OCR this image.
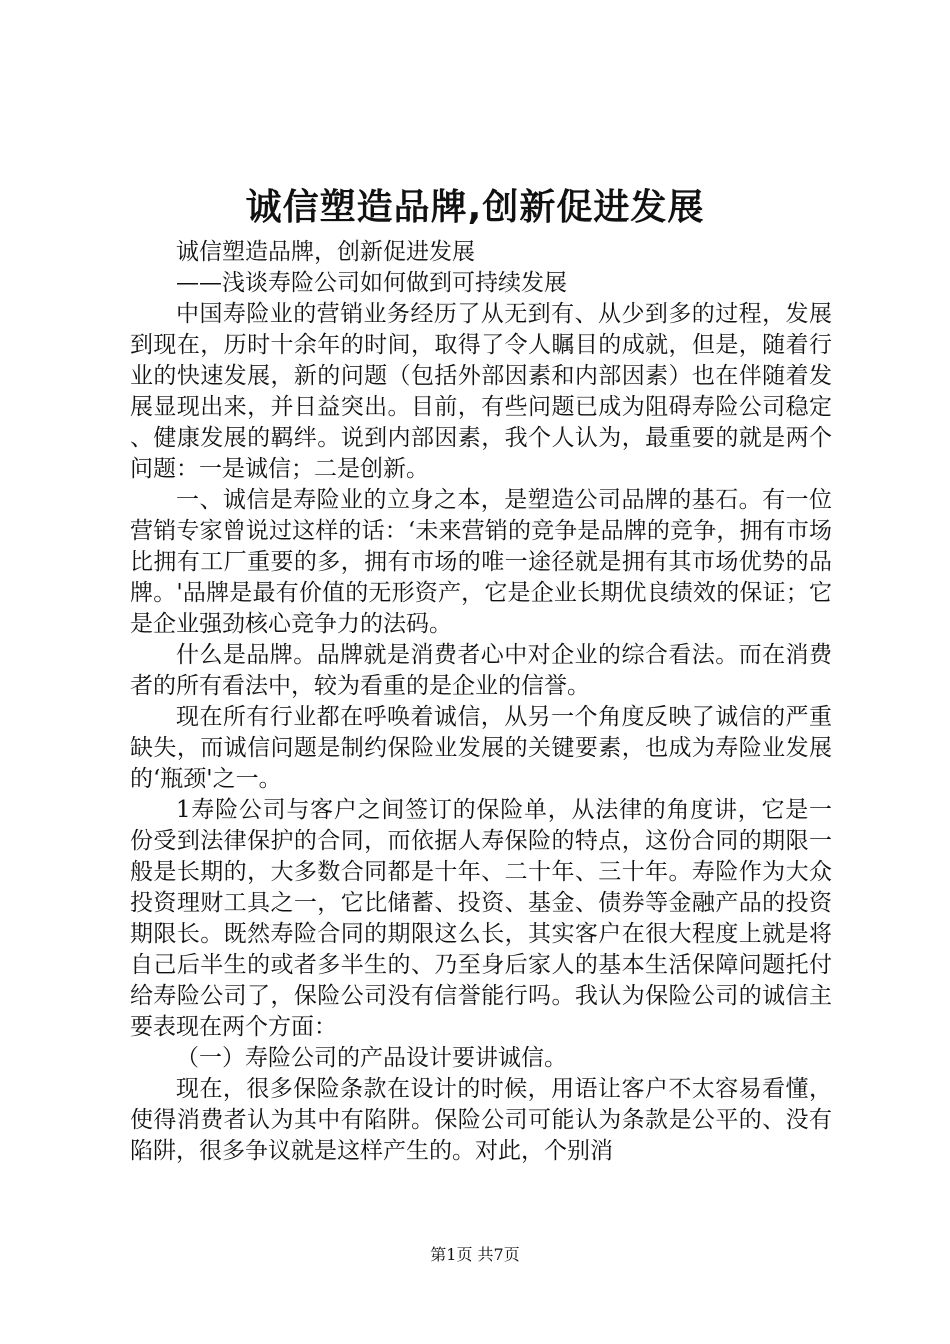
诚信塑造品牌,创新促进发展

诚信塑造品牌，创新促进发展

——浅谈寿险公司如何做到可持续发展

中国寿险业的营销业务经历了从无到有、从少到多的过程，发展到现在，历时十余年的时间，取得了令人瞩目的成就，但是，随着行业的快速发展，新的问题（包括外部因素和内部因素）也在伴随着发展显现出来，并日益突出。目前，有些问题已成为阻碍寿险公司稳定、健康发展的羁绊。说到内部因素，我个人认为，最重要的就是两个问题：一是诚信；二是创新。

一、诚信是寿险业的立身之本，是塑造公司品牌的基石。有一位营销专家曾说过这样的话：‘未来营销的竞争是品牌的竞争，拥有市场比拥有工厂重要的多，拥有市场的唯一途径就是拥有其市场优势的品牌。'品牌是最有价值的无形资产，它是企业长期优良绩效的保证；它是企业强劲核心竞争力的法码。

什么是品牌。品牌就是消费者心中对企业的综合看法。而在消费者的所有看法中，较为看重的是企业的信誉。

现在所有行业都在呼唤着诚信，从另一个角度反映了诚信的严重缺失，而诚信问题是制约保险业发展的关键要素，也成为寿险业发展的‘瓶颈'之一。

1寿险公司与客户之间签订的保险单，从法律的角度讲，它是一份受到法律保护的合同，而依据人寿保险的特点，这份合同的期限一般是长期的，大多数合同都是十年、二十年、三十年。寿险作为大众投资理财工具之一，它比储蓄、投资、基金、债券等金融产品的投资期限长。既然寿险合同的期限这么长，其实客户在很大程度上就是将自己后半生的或者多半生的、乃至身后家人的基本生活保障问题托付给寿险公司了，保险公司没有信誉能行吗。我认为保险公司的诚信主要表现在两个方面：

（一）寿险公司的产品设计要讲诚信。

现在，很多保险条款在设计的时候，用语让客户不太容易看懂，使得消费者认为其中有陷阱。保险公司可能认为条款是公平的、没有陷阱，很多争议就是这样产生的。对此，个别消

第1页 共7页
